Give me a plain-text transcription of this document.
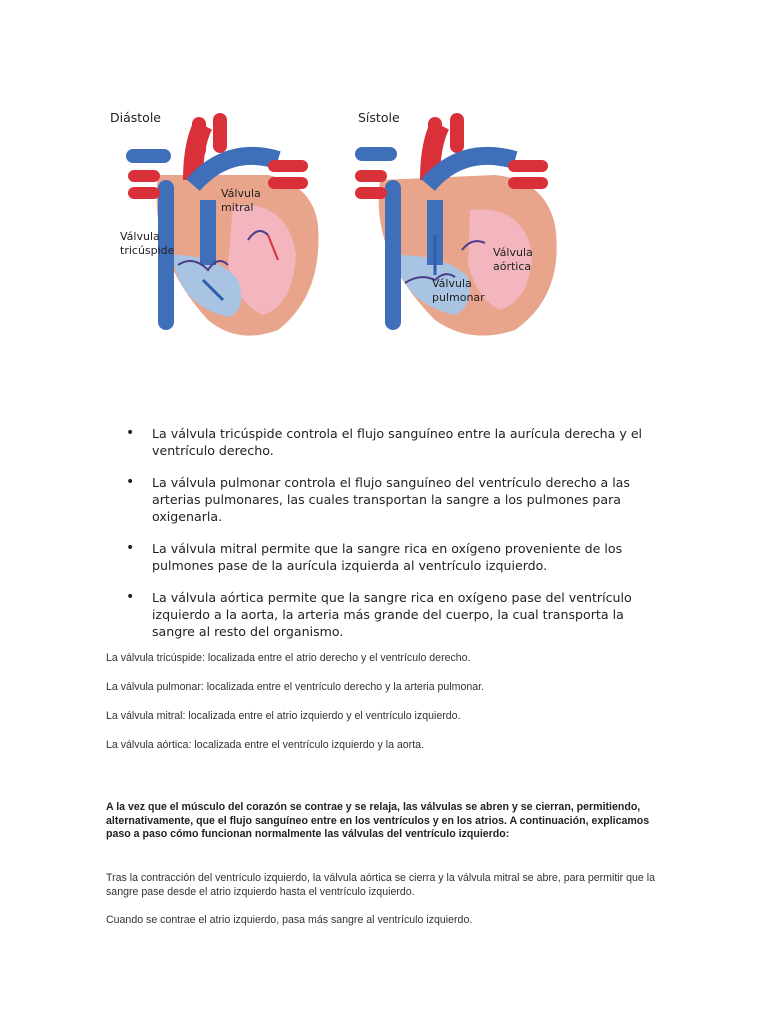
Diástole
Válvula
mitral
Válvula
tricúspide
Sístole
Válvula
aórtica
Válvula
pulmonar
• La válvula tricúspide controla el flujo sanguíneo entre la aurícula derecha y el ventrículo derecho.
• La válvula pulmonar controla el flujo sanguíneo del ventrículo derecho a las arterias pulmonares, las cuales transportan la sangre a los pulmones para oxigenarla.
• La válvula mitral permite que la sangre rica en oxígeno proveniente de los pulmones pase de la aurícula izquierda al ventrículo izquierdo.
• La válvula aórtica permite que la sangre rica en oxígeno pase del ventrículo izquierdo a la aorta, la arteria más grande del cuerpo, la cual transporta la sangre al resto del organismo.

La válvula tricúspide: localizada entre el atrio derecho y el ventrículo derecho.

La válvula pulmonar: localizada entre el ventrículo derecho y la arteria pulmonar.

La válvula mitral: localizada entre el atrio izquierdo y el ventrículo izquierdo.

La válvula aórtica: localizada entre el ventrículo izquierdo y la aorta.

A la vez que el músculo del corazón se contrae y se relaja, las válvulas se abren y se cierran, permitiendo, alternativamente, que el flujo sanguíneo entre en los ventrículos y en los atrios. A continuación, explicamos paso a paso cómo funcionan normalmente las válvulas del ventrículo izquierdo:

Tras la contracción del ventrículo izquierdo, la válvula aórtica se cierra y la válvula mitral se abre, para permitir que la sangre pase desde el atrio izquierdo hasta el ventrículo izquierdo.

Cuando se contrae el atrio izquierdo, pasa más sangre al ventrículo izquierdo.
